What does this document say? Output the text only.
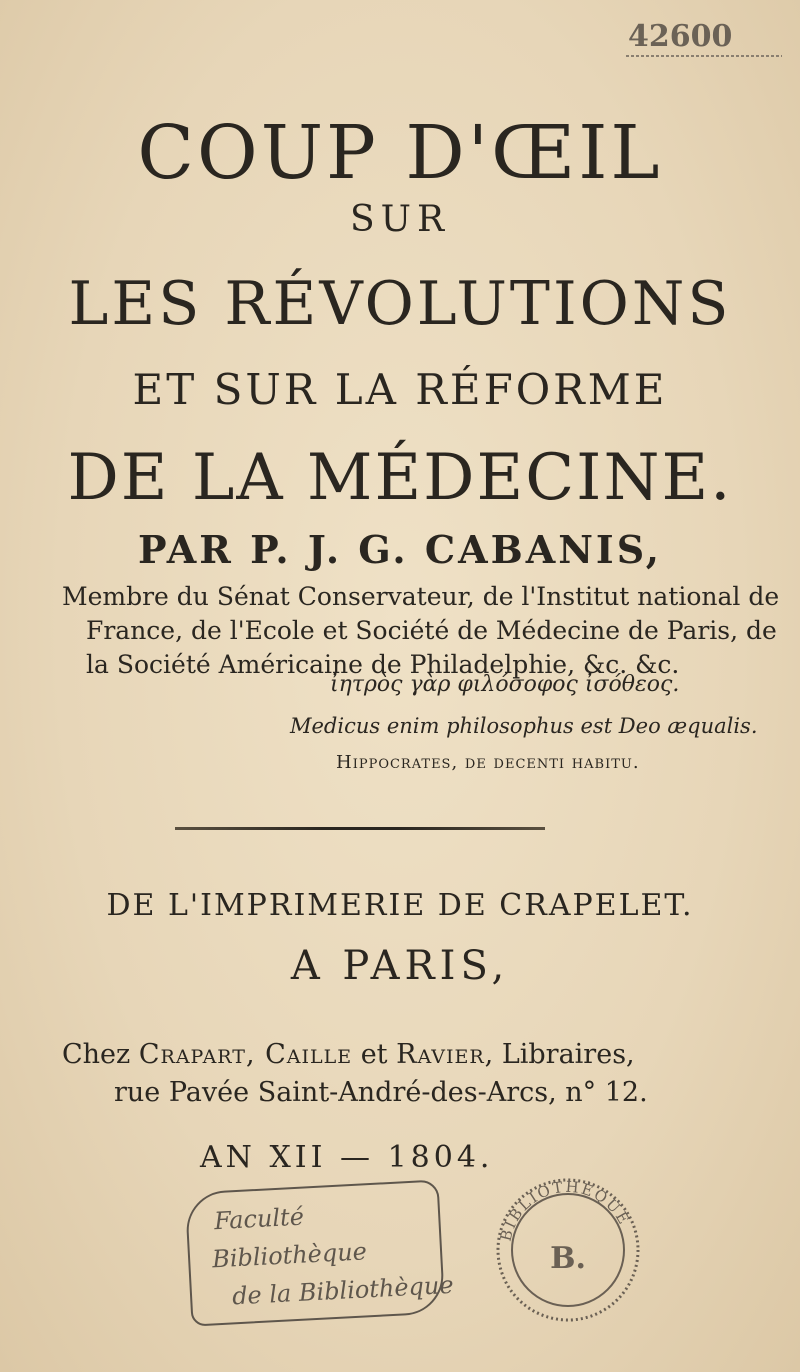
42600
COUP D'ŒIL
SUR
LES RÉVOLUTIONS
ET SUR LA RÉFORME
DE LA MÉDECINE.
PAR P. J. G. CABANIS,
Membre du Sénat Conservateur, de l'Institut national de
France, de l'Ecole et Société de Médecine de Paris, de
la Société Américaine de Philadelphie, &c. &c.
ἰητρὸς γὰρ φιλόσοφος ἰσόθεος.
Medicus enim philosophus est Deo æqualis.
Hippocrates, de decenti habitu.
DE L'IMPRIMERIE DE CRAPELET.
A PARIS,
Chez Crapart, Caille et Ravier, Libraires,
rue Pavée Saint-André-des-Arcs, n° 12.
AN XII — 1804.
Faculté
Bibliothèque
de la Bibliothèque
BIBLIOTHÈQUE
B.
